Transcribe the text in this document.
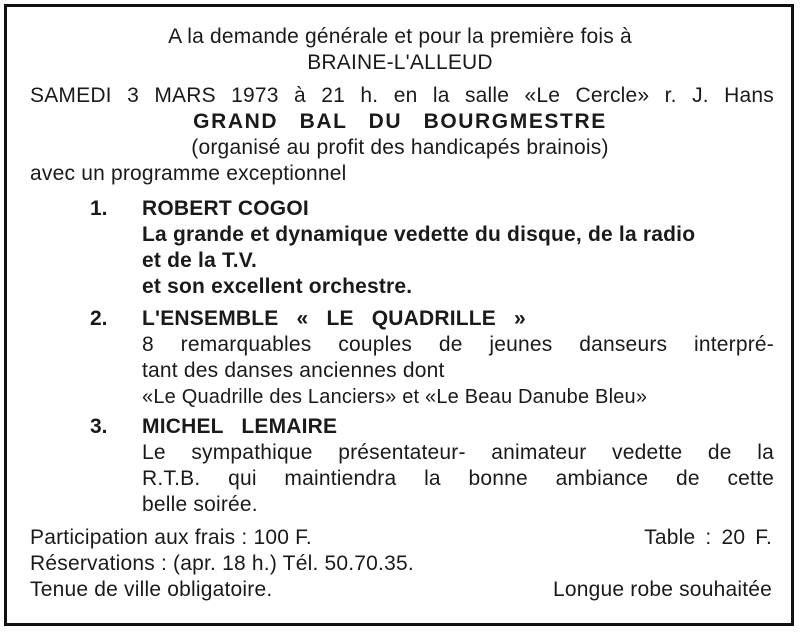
A la demande générale et pour la première fois à
BRAINE-L'ALLEUD
SAMEDI 3 MARS 1973 à 21 h. en la salle «Le Cercle» r. J. Hans
GRAND BAL DU BOURGMESTRE
(organisé au profit des handicapés brainois)
avec un programme exceptionnel
1. ROBERT COGOI
La grande et dynamique vedette du disque, de la radio
et de la T.V.
et son excellent orchestre.
2. L'ENSEMBLE « LE QUADRILLE »
8 remarquables couples de jeunes danseurs interpré-
tant des danses anciennes dont
«Le Quadrille des Lanciers» et «Le Beau Danube Bleu»
3. MICHEL LEMAIRE
Le sympathique présentateur- animateur vedette de la
R.T.B. qui maintiendra la bonne ambiance de cette
belle soirée.
Participation aux frais : 100 F.	Table : 20 F.
Réservations : (apr. 18 h.) Tél. 50.70.35.
Tenue de ville obligatoire.	Longue robe souhaitée
